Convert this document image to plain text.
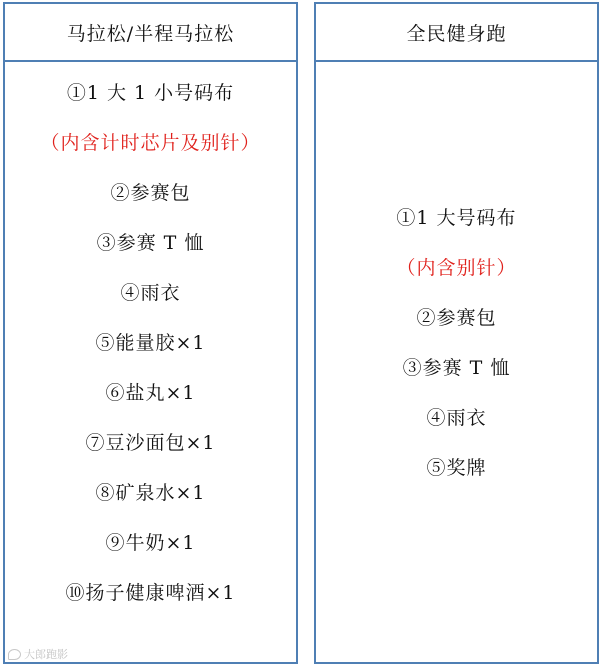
马拉松/半程马拉松
①1 大 1 小号码布
（内含计时芯片及别针）
②参赛包
③参赛 T 恤
④雨衣
⑤能量胶×1
⑥盐丸×1
⑦豆沙面包×1
⑧矿泉水×1
⑨牛奶×1
⑩扬子健康啤酒×1
全民健身跑
①1 大号码布
（内含别针）
②参赛包
③参赛 T 恤
④雨衣
⑤奖牌
大郎跑影
